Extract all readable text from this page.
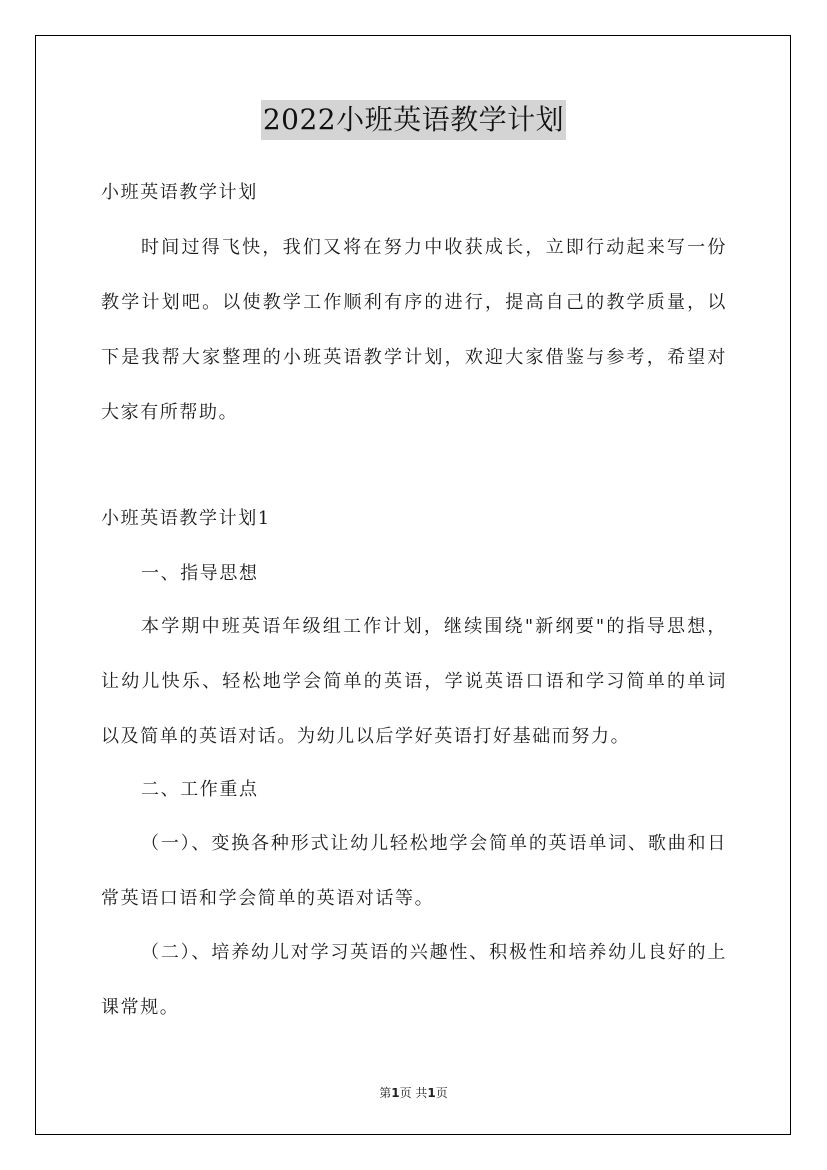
2022小班英语教学计划

小班英语教学计划

时间过得飞快，我们又将在努力中收获成长，立即行动起来写一份教学计划吧。以使教学工作顺利有序的进行，提高自己的教学质量，以下是我帮大家整理的小班英语教学计划，欢迎大家借鉴与参考，希望对大家有所帮助。

小班英语教学计划1

一、指导思想

本学期中班英语年级组工作计划，继续围绕"新纲要"的指导思想，让幼儿快乐、轻松地学会简单的英语，学说英语口语和学习简单的单词以及简单的英语对话。为幼儿以后学好英语打好基础而努力。

二、工作重点

（一）、变换各种形式让幼儿轻松地学会简单的英语单词、歌曲和日常英语口语和学会简单的英语对话等。

（二）、培养幼儿对学习英语的兴趣性、积极性和培养幼儿良好的上课常规。

第1页 共1页
